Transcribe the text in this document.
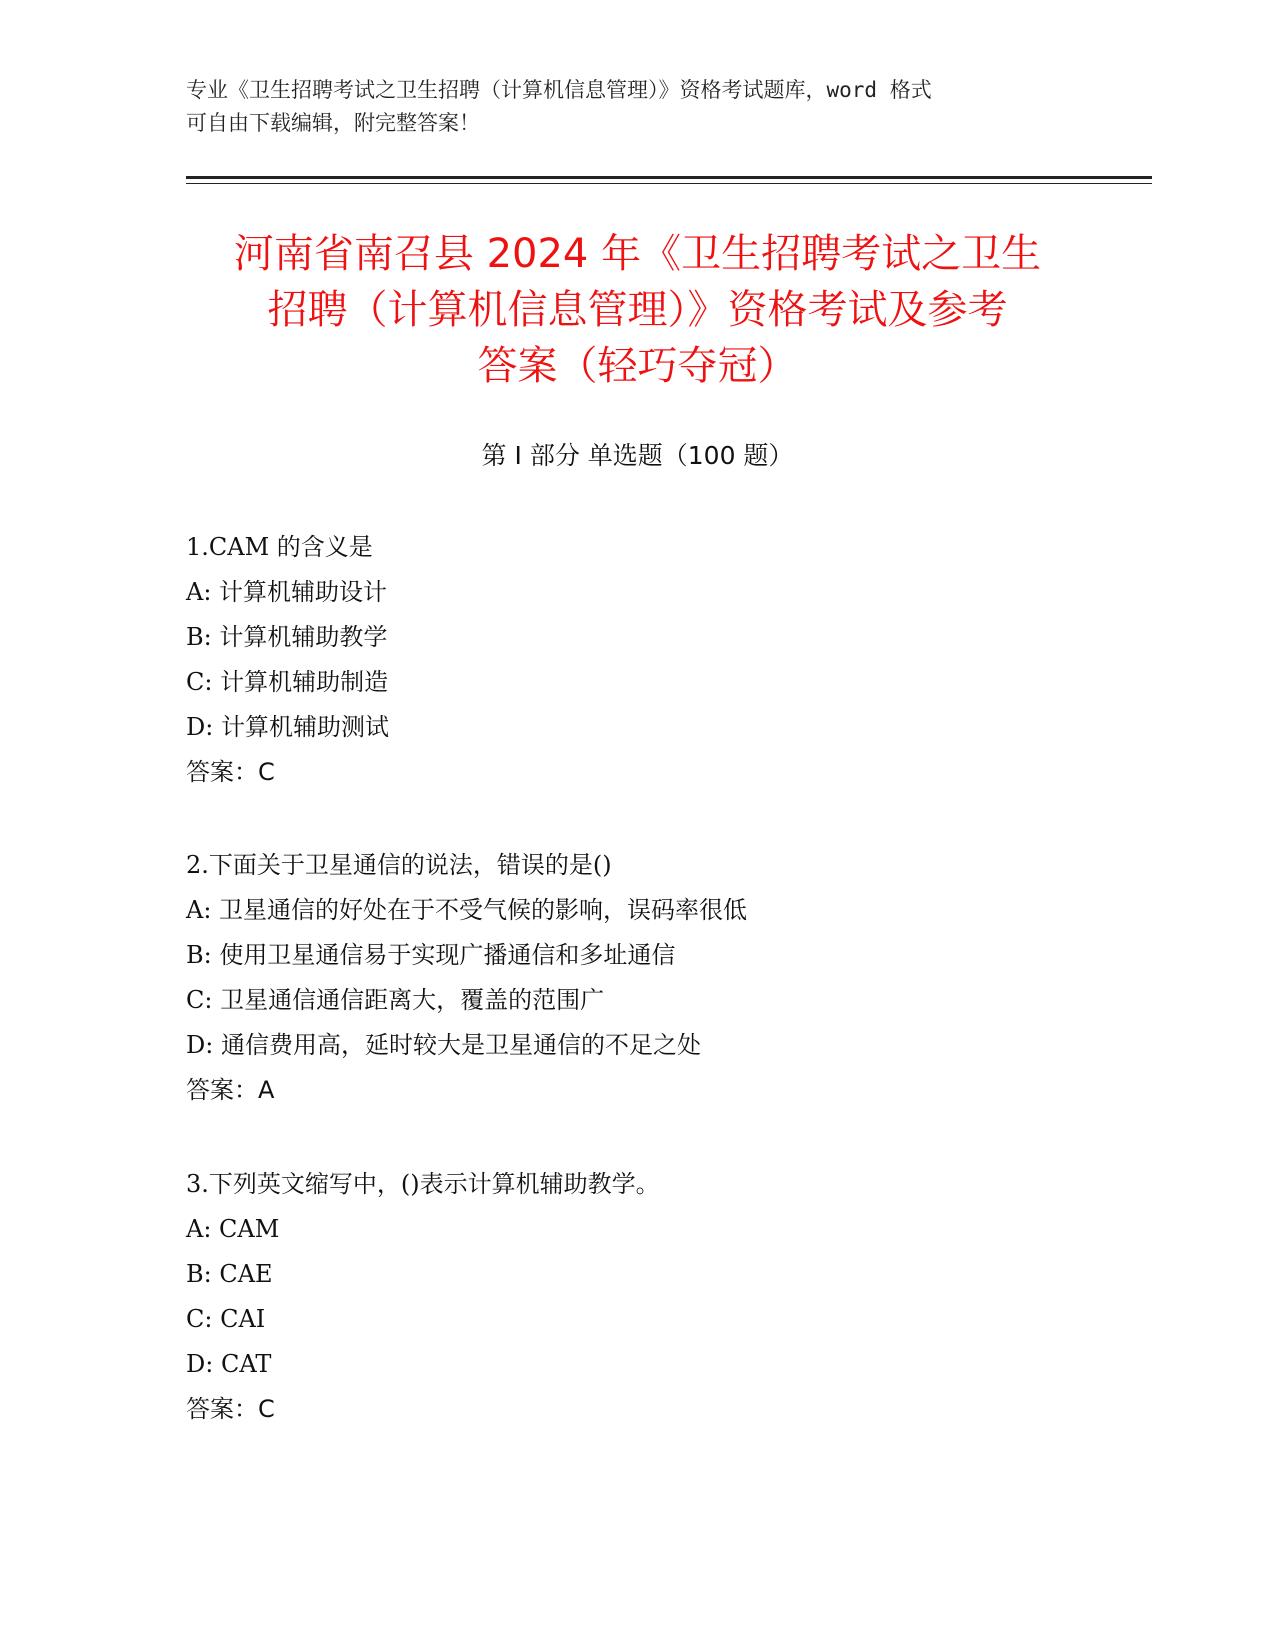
专业《卫生招聘考试之卫生招聘（计算机信息管理）》资格考试题库，word 格式
可自由下载编辑，附完整答案！
河南省南召县 2024 年《卫生招聘考试之卫生
招聘（计算机信息管理）》资格考试及参考
答案（轻巧夺冠）
第 I 部分 单选题（100 题）
1.CAM 的含义是
A: 计算机辅助设计
B: 计算机辅助教学
C: 计算机辅助制造
D: 计算机辅助测试
答案：C
2.下面关于卫星通信的说法，错误的是()
A: 卫星通信的好处在于不受气候的影响，误码率很低
B: 使用卫星通信易于实现广播通信和多址通信
C: 卫星通信通信距离大，覆盖的范围广
D: 通信费用高，延时较大是卫星通信的不足之处
答案：A
3.下列英文缩写中，()表示计算机辅助教学。
A: CAM
B: CAE
C: CAI
D: CAT
答案：C
